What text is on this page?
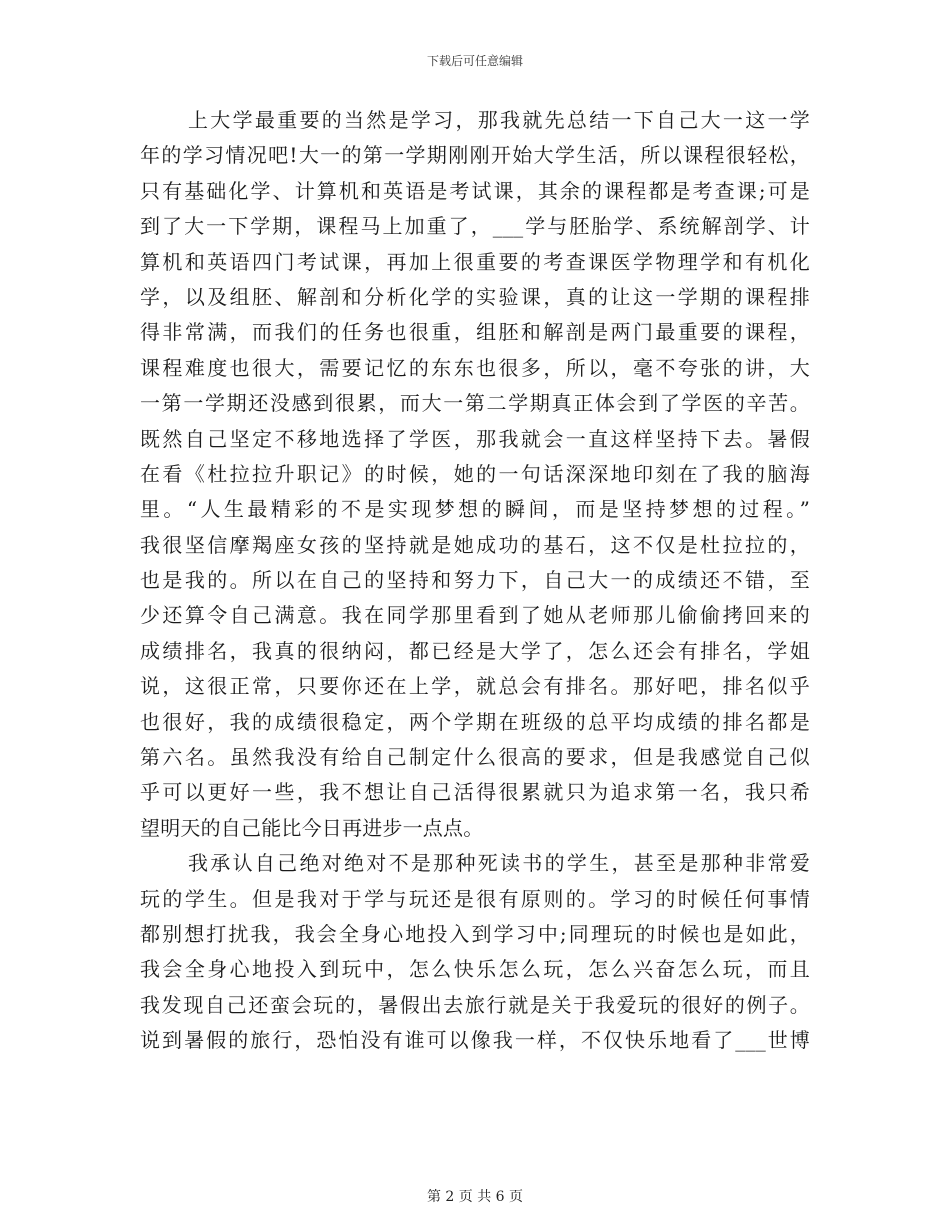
下载后可任意编辑
上大学最重要的当然是学习，那我就先总结一下自己大一这一学
年的学习情况吧!大一的第一学期刚刚开始大学生活，所以课程很轻松，
只有基础化学、计算机和英语是考试课，其余的课程都是考查课;可是
到了大一下学期，课程马上加重了，___学与胚胎学、系统解剖学、计
算机和英语四门考试课，再加上很重要的考查课医学物理学和有机化
学，以及组胚、解剖和分析化学的实验课，真的让这一学期的课程排
得非常满，而我们的任务也很重，组胚和解剖是两门最重要的课程，
课程难度也很大，需要记忆的东东也很多，所以，毫不夸张的讲，大
一第一学期还没感到很累，而大一第二学期真正体会到了学医的辛苦。
既然自己坚定不移地选择了学医，那我就会一直这样坚持下去。暑假
在看《杜拉拉升职记》的时候，她的一句话深深地印刻在了我的脑海
里。“人生最精彩的不是实现梦想的瞬间，而是坚持梦想的过程。”
我很坚信摩羯座女孩的坚持就是她成功的基石，这不仅是杜拉拉的，
也是我的。所以在自己的坚持和努力下，自己大一的成绩还不错，至
少还算令自己满意。我在同学那里看到了她从老师那儿偷偷拷回来的
成绩排名，我真的很纳闷，都已经是大学了，怎么还会有排名，学姐
说，这很正常，只要你还在上学，就总会有排名。那好吧，排名似乎
也很好，我的成绩很稳定，两个学期在班级的总平均成绩的排名都是
第六名。虽然我没有给自己制定什么很高的要求，但是我感觉自己似
乎可以更好一些，我不想让自己活得很累就只为追求第一名，我只希
望明天的自己能比今日再进步一点点。
我承认自己绝对绝对不是那种死读书的学生，甚至是那种非常爱
玩的学生。但是我对于学与玩还是很有原则的。学习的时候任何事情
都别想打扰我，我会全身心地投入到学习中;同理玩的时候也是如此，
我会全身心地投入到玩中，怎么快乐怎么玩，怎么兴奋怎么玩，而且
我发现自己还蛮会玩的，暑假出去旅行就是关于我爱玩的很好的例子。
说到暑假的旅行，恐怕没有谁可以像我一样，不仅快乐地看了___世博
第 2 页 共 6 页
